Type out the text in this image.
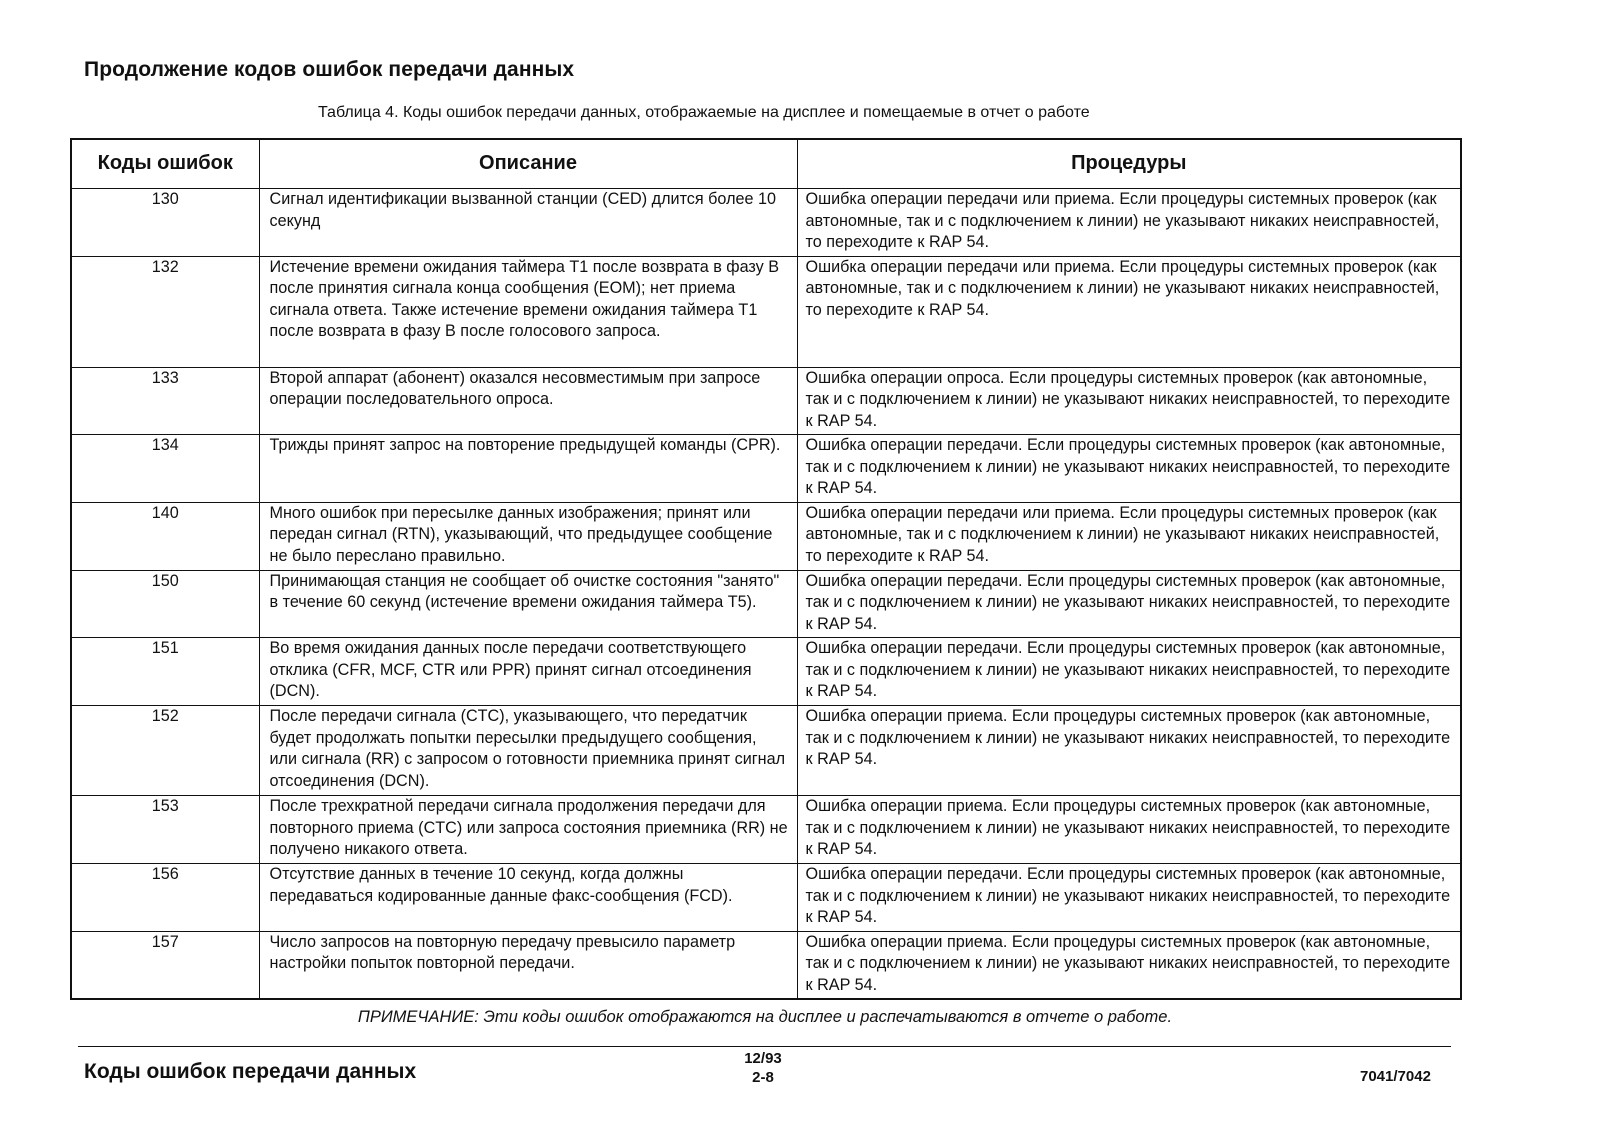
Продолжение кодов ошибок передачи данных
Таблица 4. Коды ошибок передачи данных, отображаемые на дисплее и помещаемые в отчет о работе
Коды ошибок	Описание	Процедуры
130	Сигнал идентификации вызванной станции (CED) длится более 10 секунд	Ошибка операции передачи или приема. Если процедуры системных проверок (как автономные, так и с подключением к линии) не указывают никаких неисправностей, то переходите к RAP 54.
132	Истечение времени ожидания таймера T1 после возврата в фазу B после принятия сигнала конца сообщения (EOM); нет приема сигнала ответа. Также истечение времени ожидания таймера T1 после возврата в фазу B после голосового запроса.	Ошибка операции передачи или приема. Если процедуры системных проверок (как автономные, так и с подключением к линии) не указывают никаких неисправностей, то переходите к RAP 54.
133	Второй аппарат (абонент) оказался несовместимым при запросе операции последовательного опроса.	Ошибка операции опроса. Если процедуры системных проверок (как автономные, так и с подключением к линии) не указывают никаких неисправностей, то переходите к RAP 54.
134	Трижды принят запрос на повторение предыдущей команды (CPR).	Ошибка операции передачи. Если процедуры системных проверок (как автономные, так и с подключением к линии) не указывают никаких неисправностей, то переходите к RAP 54.
140	Много ошибок при пересылке данных изображения; принят или передан сигнал (RTN), указывающий, что предыдущее сообщение не было переслано правильно.	Ошибка операции передачи или приема. Если процедуры системных проверок (как автономные, так и с подключением к линии) не указывают никаких неисправностей, то переходите к RAP 54.
150	Принимающая станция не сообщает об очистке состояния "занято" в течение 60 секунд (истечение времени ожидания таймера T5).	Ошибка операции передачи. Если процедуры системных проверок (как автономные, так и с подключением к линии) не указывают никаких неисправностей, то переходите к RAP 54.
151	Во время ожидания данных после передачи соответствующего отклика (CFR, MCF, CTR или PPR) принят сигнал отсоединения (DCN).	Ошибка операции передачи. Если процедуры системных проверок (как автономные, так и с подключением к линии) не указывают никаких неисправностей, то переходите к RAP 54.
152	После передачи сигнала (CTC), указывающего, что передатчик будет продолжать попытки пересылки предыдущего сообщения, или сигнала (RR) с запросом о готовности приемника принят сигнал отсоединения (DCN).	Ошибка операции приема. Если процедуры системных проверок (как автономные, так и с подключением к линии) не указывают никаких неисправностей, то переходите к RAP 54.
153	После трехкратной передачи сигнала продолжения передачи для повторного приема (CTC) или запроса состояния приемника (RR) не получено никакого ответа.	Ошибка операции приема. Если процедуры системных проверок (как автономные, так и с подключением к линии) не указывают никаких неисправностей, то переходите к RAP 54.
156	Отсутствие данных в течение 10 секунд, когда должны передаваться кодированные данные факс-сообщения (FCD).	Ошибка операции передачи. Если процедуры системных проверок (как автономные, так и с подключением к линии) не указывают никаких неисправностей, то переходите к RAP 54.
157	Число запросов на повторную передачу превысило параметр настройки попыток повторной передачи.	Ошибка операции приема. Если процедуры системных проверок (как автономные, так и с подключением к линии) не указывают никаких неисправностей, то переходите к RAP 54.
ПРИМЕЧАНИЕ: Эти коды ошибок отображаются на дисплее и распечатываются в отчете о работе.
Коды ошибок передачи данных
12/93
2-8	7041/7042
